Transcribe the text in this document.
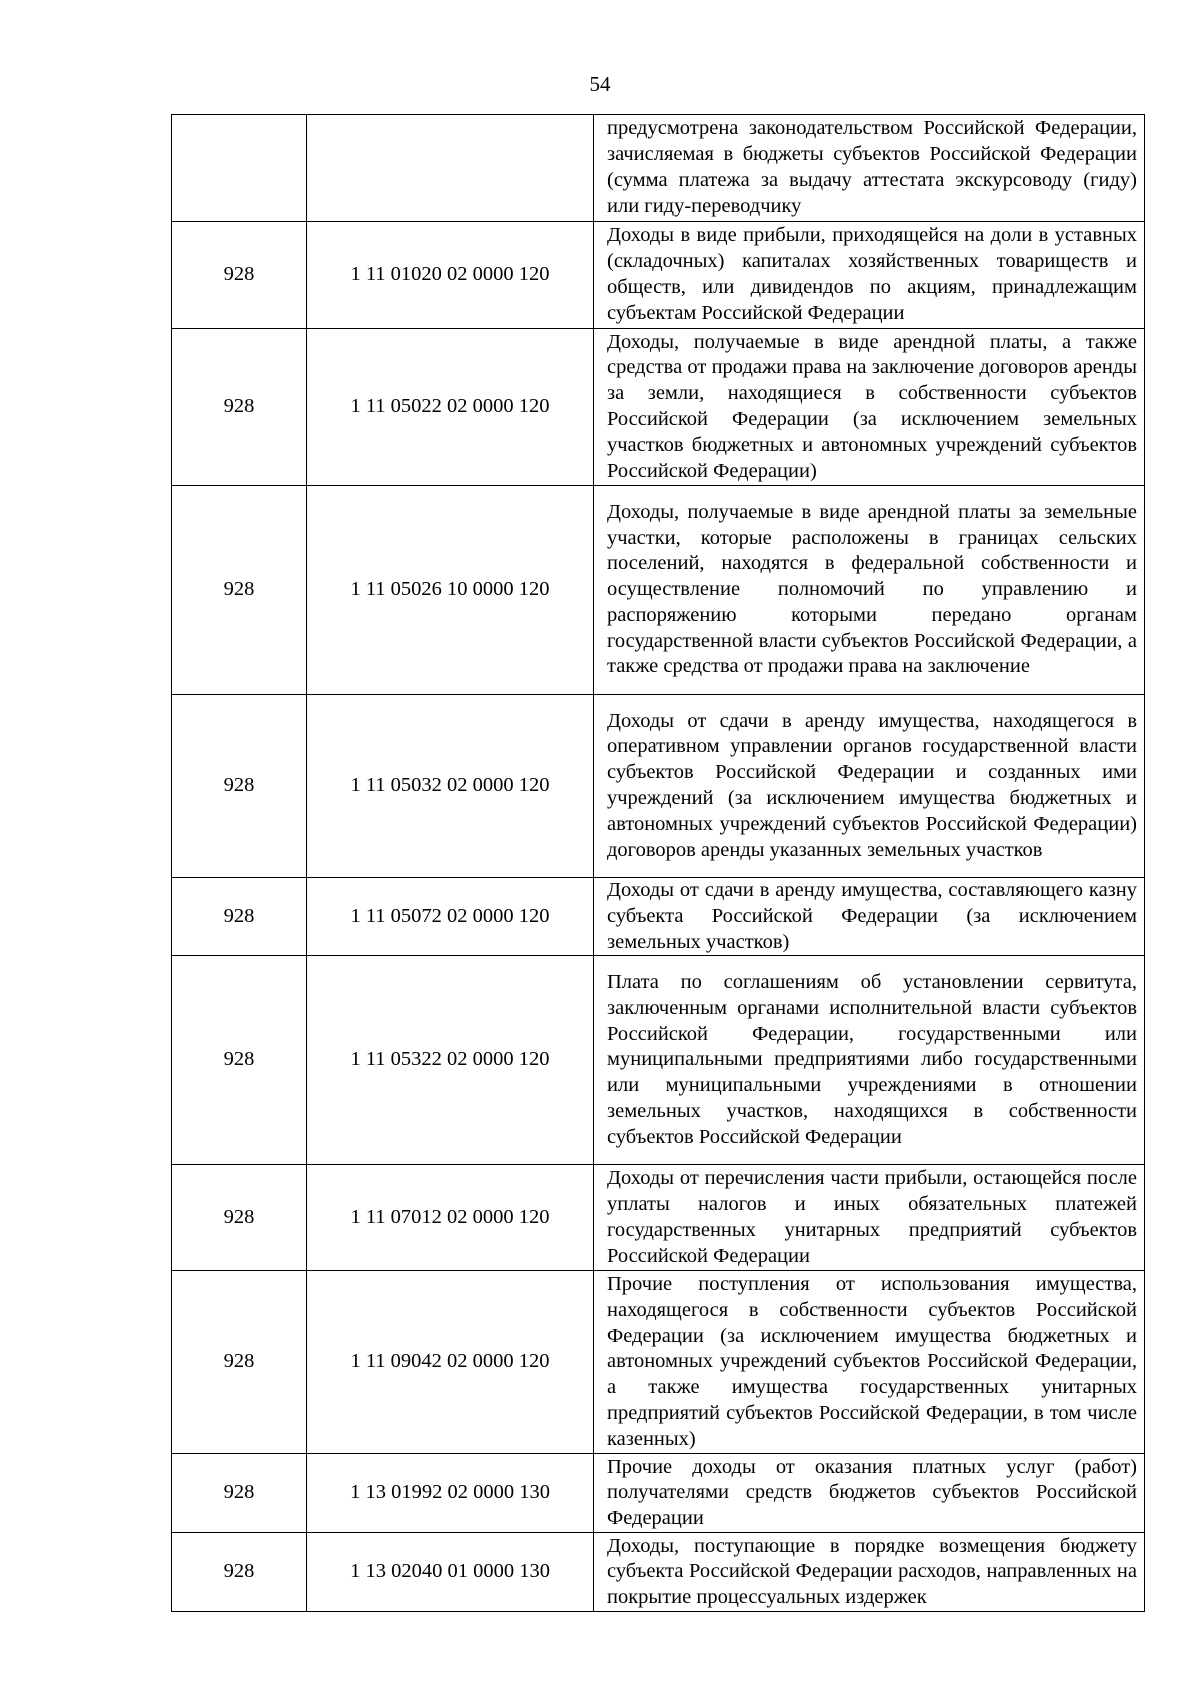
54
		предусмотрена законодательством Российской Федерации, зачисляемая в бюджеты субъектов Российской Федерации (сумма платежа за выдачу аттестата экскурсоводу (гиду) или гиду-переводчику
928	1 11 01020 02 0000 120	Доходы в виде прибыли, приходящейся на доли в уставных (складочных) капиталах хозяйственных товариществ и обществ, или дивидендов по акциям, принадлежащим субъектам Российской Федерации
928	1 11 05022 02 0000 120	Доходы, получаемые в виде арендной платы, а также средства от продажи права на заключение договоров аренды за земли, находящиеся в собственности субъектов Российской Федерации (за исключением земельных участков бюджетных и автономных учреждений субъектов Российской Федерации)
928	1 11 05026 10 0000 120	Доходы, получаемые в виде арендной платы за земельные участки, которые расположены в границах сельских поселений, находятся в федеральной собственности и осуществление полномочий по управлению и распоряжению которыми передано органам государственной власти субъектов Российской Федерации, а также средства от продажи права на заключение
928	1 11 05032 02 0000 120	Доходы от сдачи в аренду имущества, находящегося в оперативном управлении органов государственной власти субъектов Российской Федерации и созданных ими учреждений (за исключением имущества бюджетных и автономных учреждений субъектов Российской Федерации) договоров аренды указанных земельных участков
928	1 11 05072 02 0000 120	Доходы от сдачи в аренду имущества, составляющего казну субъекта Российской Федерации (за исключением земельных участков)
928	1 11 05322 02 0000 120	Плата по соглашениям об установлении сервитута, заключенным органами исполнительной власти субъектов Российской Федерации, государственными или муниципальными предприятиями либо государственными или муниципальными учреждениями в отношении земельных участков, находящихся в собственности субъектов Российской Федерации
928	1 11 07012 02 0000 120	Доходы от перечисления части прибыли, остающейся после уплаты налогов и иных обязательных платежей государственных унитарных предприятий субъектов Российской Федерации
928	1 11 09042 02 0000 120	Прочие поступления от использования имущества, находящегося в собственности субъектов Российской Федерации (за исключением имущества бюджетных и автономных учреждений субъектов Российской Федерации, а также имущества государственных унитарных предприятий субъектов Российской Федерации, в том числе казенных)
928	1 13 01992 02 0000 130	Прочие доходы от оказания платных услуг (работ) получателями средств бюджетов субъектов Российской Федерации
928	1 13 02040 01 0000 130	Доходы, поступающие в порядке возмещения бюджету субъекта Российской Федерации расходов, направленных на покрытие процессуальных издержек
